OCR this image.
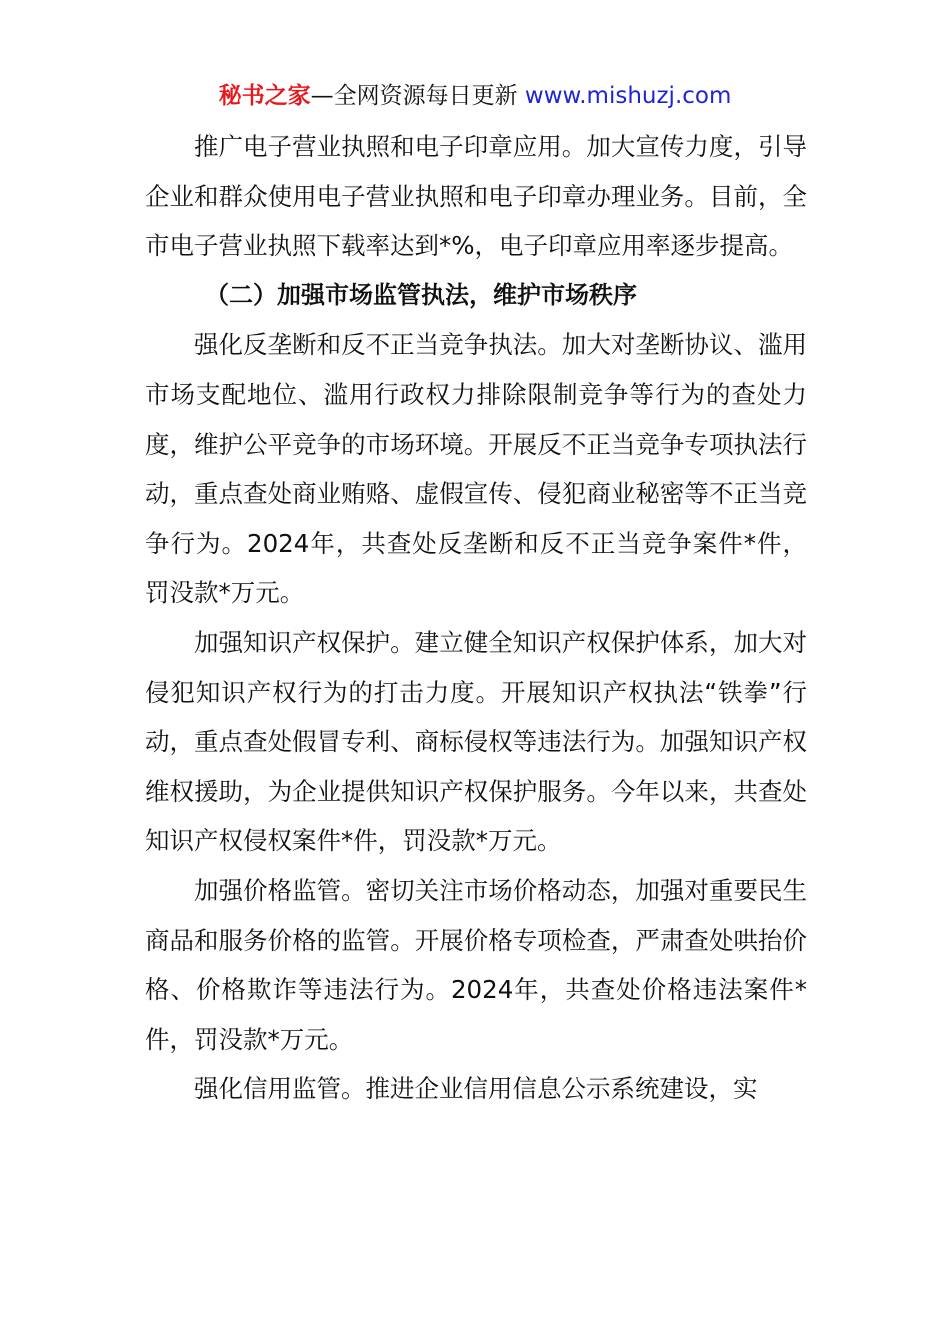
秘书之家—全网资源每日更新 www.mishuzj.com

推广电子营业执照和电子印章应用。加大宣传力度，引导企业和群众使用电子营业执照和电子印章办理业务。目前，全市电子营业执照下载率达到*%，电子印章应用率逐步提高。

（二）加强市场监管执法，维护市场秩序

强化反垄断和反不正当竞争执法。加大对垄断协议、滥用市场支配地位、滥用行政权力排除限制竞争等行为的查处力度，维护公平竞争的市场环境。开展反不正当竞争专项执法行动，重点查处商业贿赂、虚假宣传、侵犯商业秘密等不正当竞争行为。2024年，共查处反垄断和反不正当竞争案件*件，罚没款*万元。

加强知识产权保护。建立健全知识产权保护体系，加大对侵犯知识产权行为的打击力度。开展知识产权执法“铁拳”行动，重点查处假冒专利、商标侵权等违法行为。加强知识产权维权援助，为企业提供知识产权保护服务。今年以来，共查处知识产权侵权案件*件，罚没款*万元。

加强价格监管。密切关注市场价格动态，加强对重要民生商品和服务价格的监管。开展价格专项检查，严肃查处哄抬价格、价格欺诈等违法行为。2024年，共查处价格违法案件*件，罚没款*万元。

强化信用监管。推进企业信用信息公示系统建设，实
